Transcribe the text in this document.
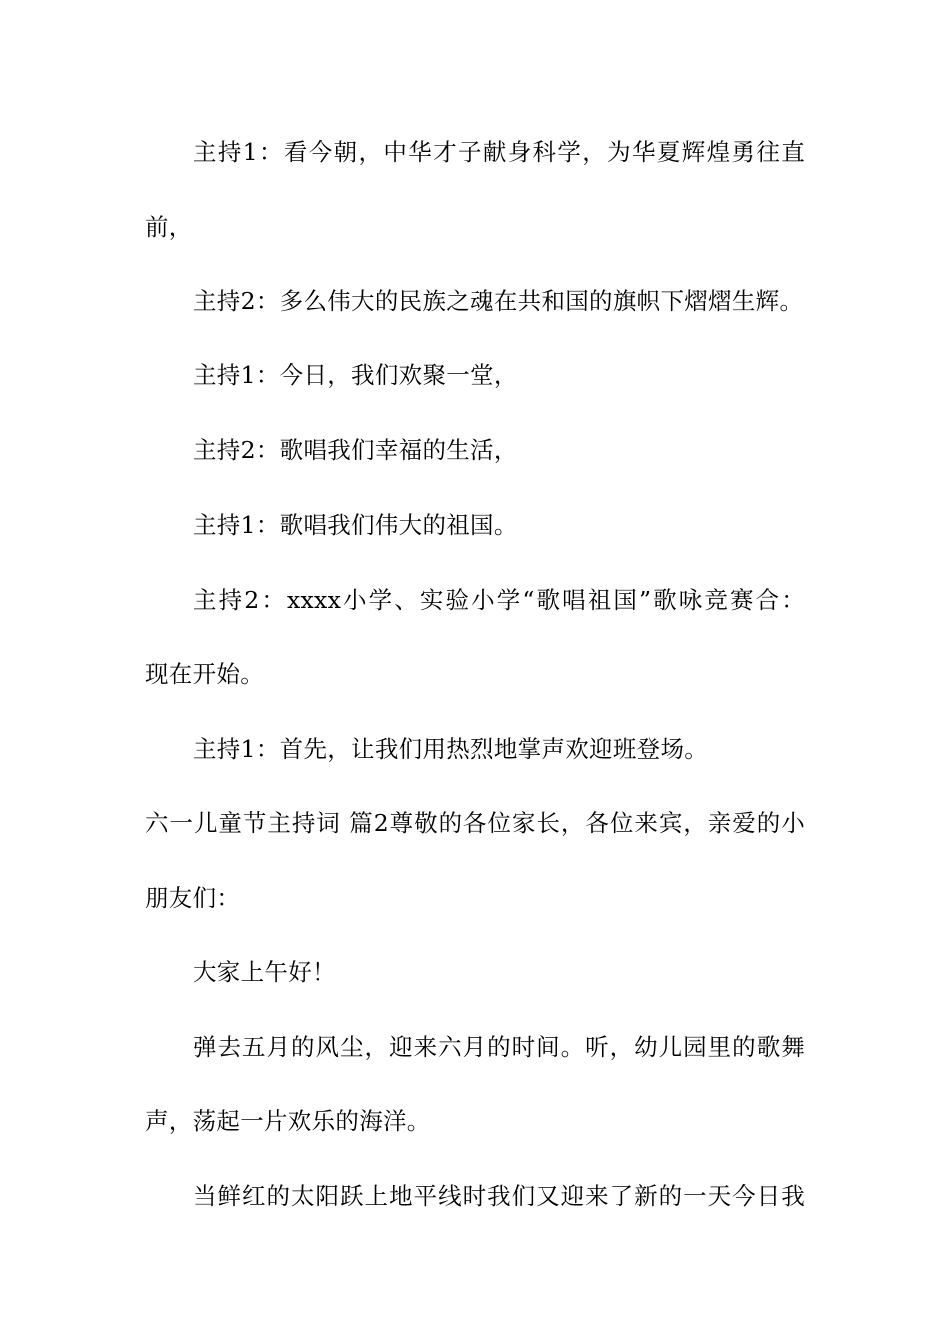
主持1：看今朝，中华才子献身科学，为华夏辉煌勇往直
前，
主持2：多么伟大的民族之魂在共和国的旗帜下熠熠生辉。
主持1：今日，我们欢聚一堂，
主持2：歌唱我们幸福的生活，
主持1：歌唱我们伟大的祖国。
主持2：xxxx小学、实验小学“歌唱祖国”歌咏竞赛合：
现在开始。
主持1：首先，让我们用热烈地掌声欢迎班登场。
六一儿童节主持词 篇2尊敬的各位家长，各位来宾，亲爱的小
朋友们：
大家上午好！
弹去五月的风尘，迎来六月的时间。听，幼儿园里的歌舞
声，荡起一片欢乐的海洋。
当鲜红的太阳跃上地平线时我们又迎来了新的一天今日我
